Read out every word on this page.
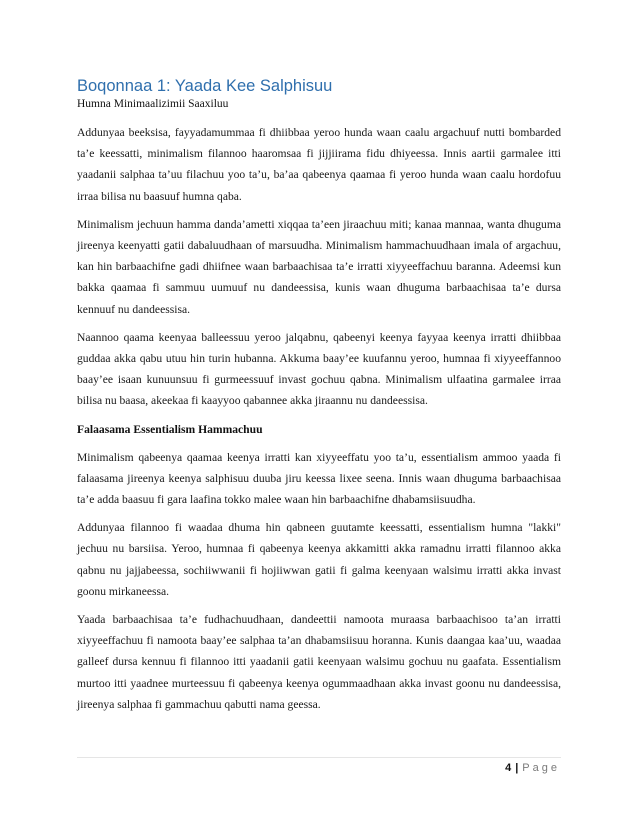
Boqonnaa 1: Yaada Kee Salphisuu

Humna Minimaalizimii Saaxiluu

Addunyaa beeksisa, fayyadamummaa fi dhiibbaa yeroo hunda waan caalu argachuuf nutti bombarded ta’e keessatti, minimalism filannoo haaromsaa fi jijjiirama fidu dhiyeessa. Innis aartii garmalee itti yaadanii salphaa ta’uu filachuu yoo ta’u, ba’aa qabeenya qaamaa fi yeroo hunda waan caalu hordofuu irraa bilisa nu baasuuf humna qaba.

Minimalism jechuun hamma danda’ametti xiqqaa ta’een jiraachuu miti; kanaa mannaa, wanta dhuguma jireenya keenyatti gatii dabaluudhaan of marsuudha. Minimalism hammachuudhaan imala of argachuu, kan hin barbaachifne gadi dhiifnee waan barbaachisaa ta’e irratti xiyyeeffachuu baranna. Adeemsi kun bakka qaamaa fi sammuu uumuuf nu dandeessisa, kunis waan dhuguma barbaachisaa ta’e dursa kennuuf nu dandeessisa.

Naannoo qaama keenyaa balleessuu yeroo jalqabnu, qabeenyi keenya fayyaa keenya irratti dhiibbaa guddaa akka qabu utuu hin turin hubanna. Akkuma baay’ee kuufannu yeroo, humnaa fi xiyyeeffannoo baay’ee isaan kunuunsuu fi gurmeessuuf invast gochuu qabna. Minimalism ulfaatina garmalee irraa bilisa nu baasa, akeekaa fi kaayyoo qabannee akka jiraannu nu dandeessisa.

Falaasama Essentialism Hammachuu

Minimalism qabeenya qaamaa keenya irratti kan xiyyeeffatu yoo ta’u, essentialism ammoo yaada fi falaasama jireenya keenya salphisuu duuba jiru keessa lixee seena. Innis waan dhuguma barbaachisaa ta’e adda baasuu fi gara laafina tokko malee waan hin barbaachifne dhabamsiisuudha.

Addunyaa filannoo fi waadaa dhuma hin qabneen guutamte keessatti, essentialism humna "lakki" jechuu nu barsiisa. Yeroo, humnaa fi qabeenya keenya akkamitti akka ramadnu irratti filannoo akka qabnu nu jajjabeessa, sochiiwwanii fi hojiiwwan gatii fi galma keenyaan walsimu irratti akka invast goonu mirkaneessa.

Yaada barbaachisaa ta’e fudhachuudhaan, dandeettii namoota muraasa barbaachisoo ta’an irratti xiyyeeffachuu fi namoota baay’ee salphaa ta’an dhabamsiisuu horanna. Kunis daangaa kaa’uu, waadaa galleef dursa kennuu fi filannoo itti yaadanii gatii keenyaan walsimu gochuu nu gaafata. Essentialism murtoo itti yaadnee murteessuu fi qabeenya keenya ogummaadhaan akka invast goonu nu dandeessisa, jireenya salphaa fi gammachuu qabutti nama geessa.

4 | Page
